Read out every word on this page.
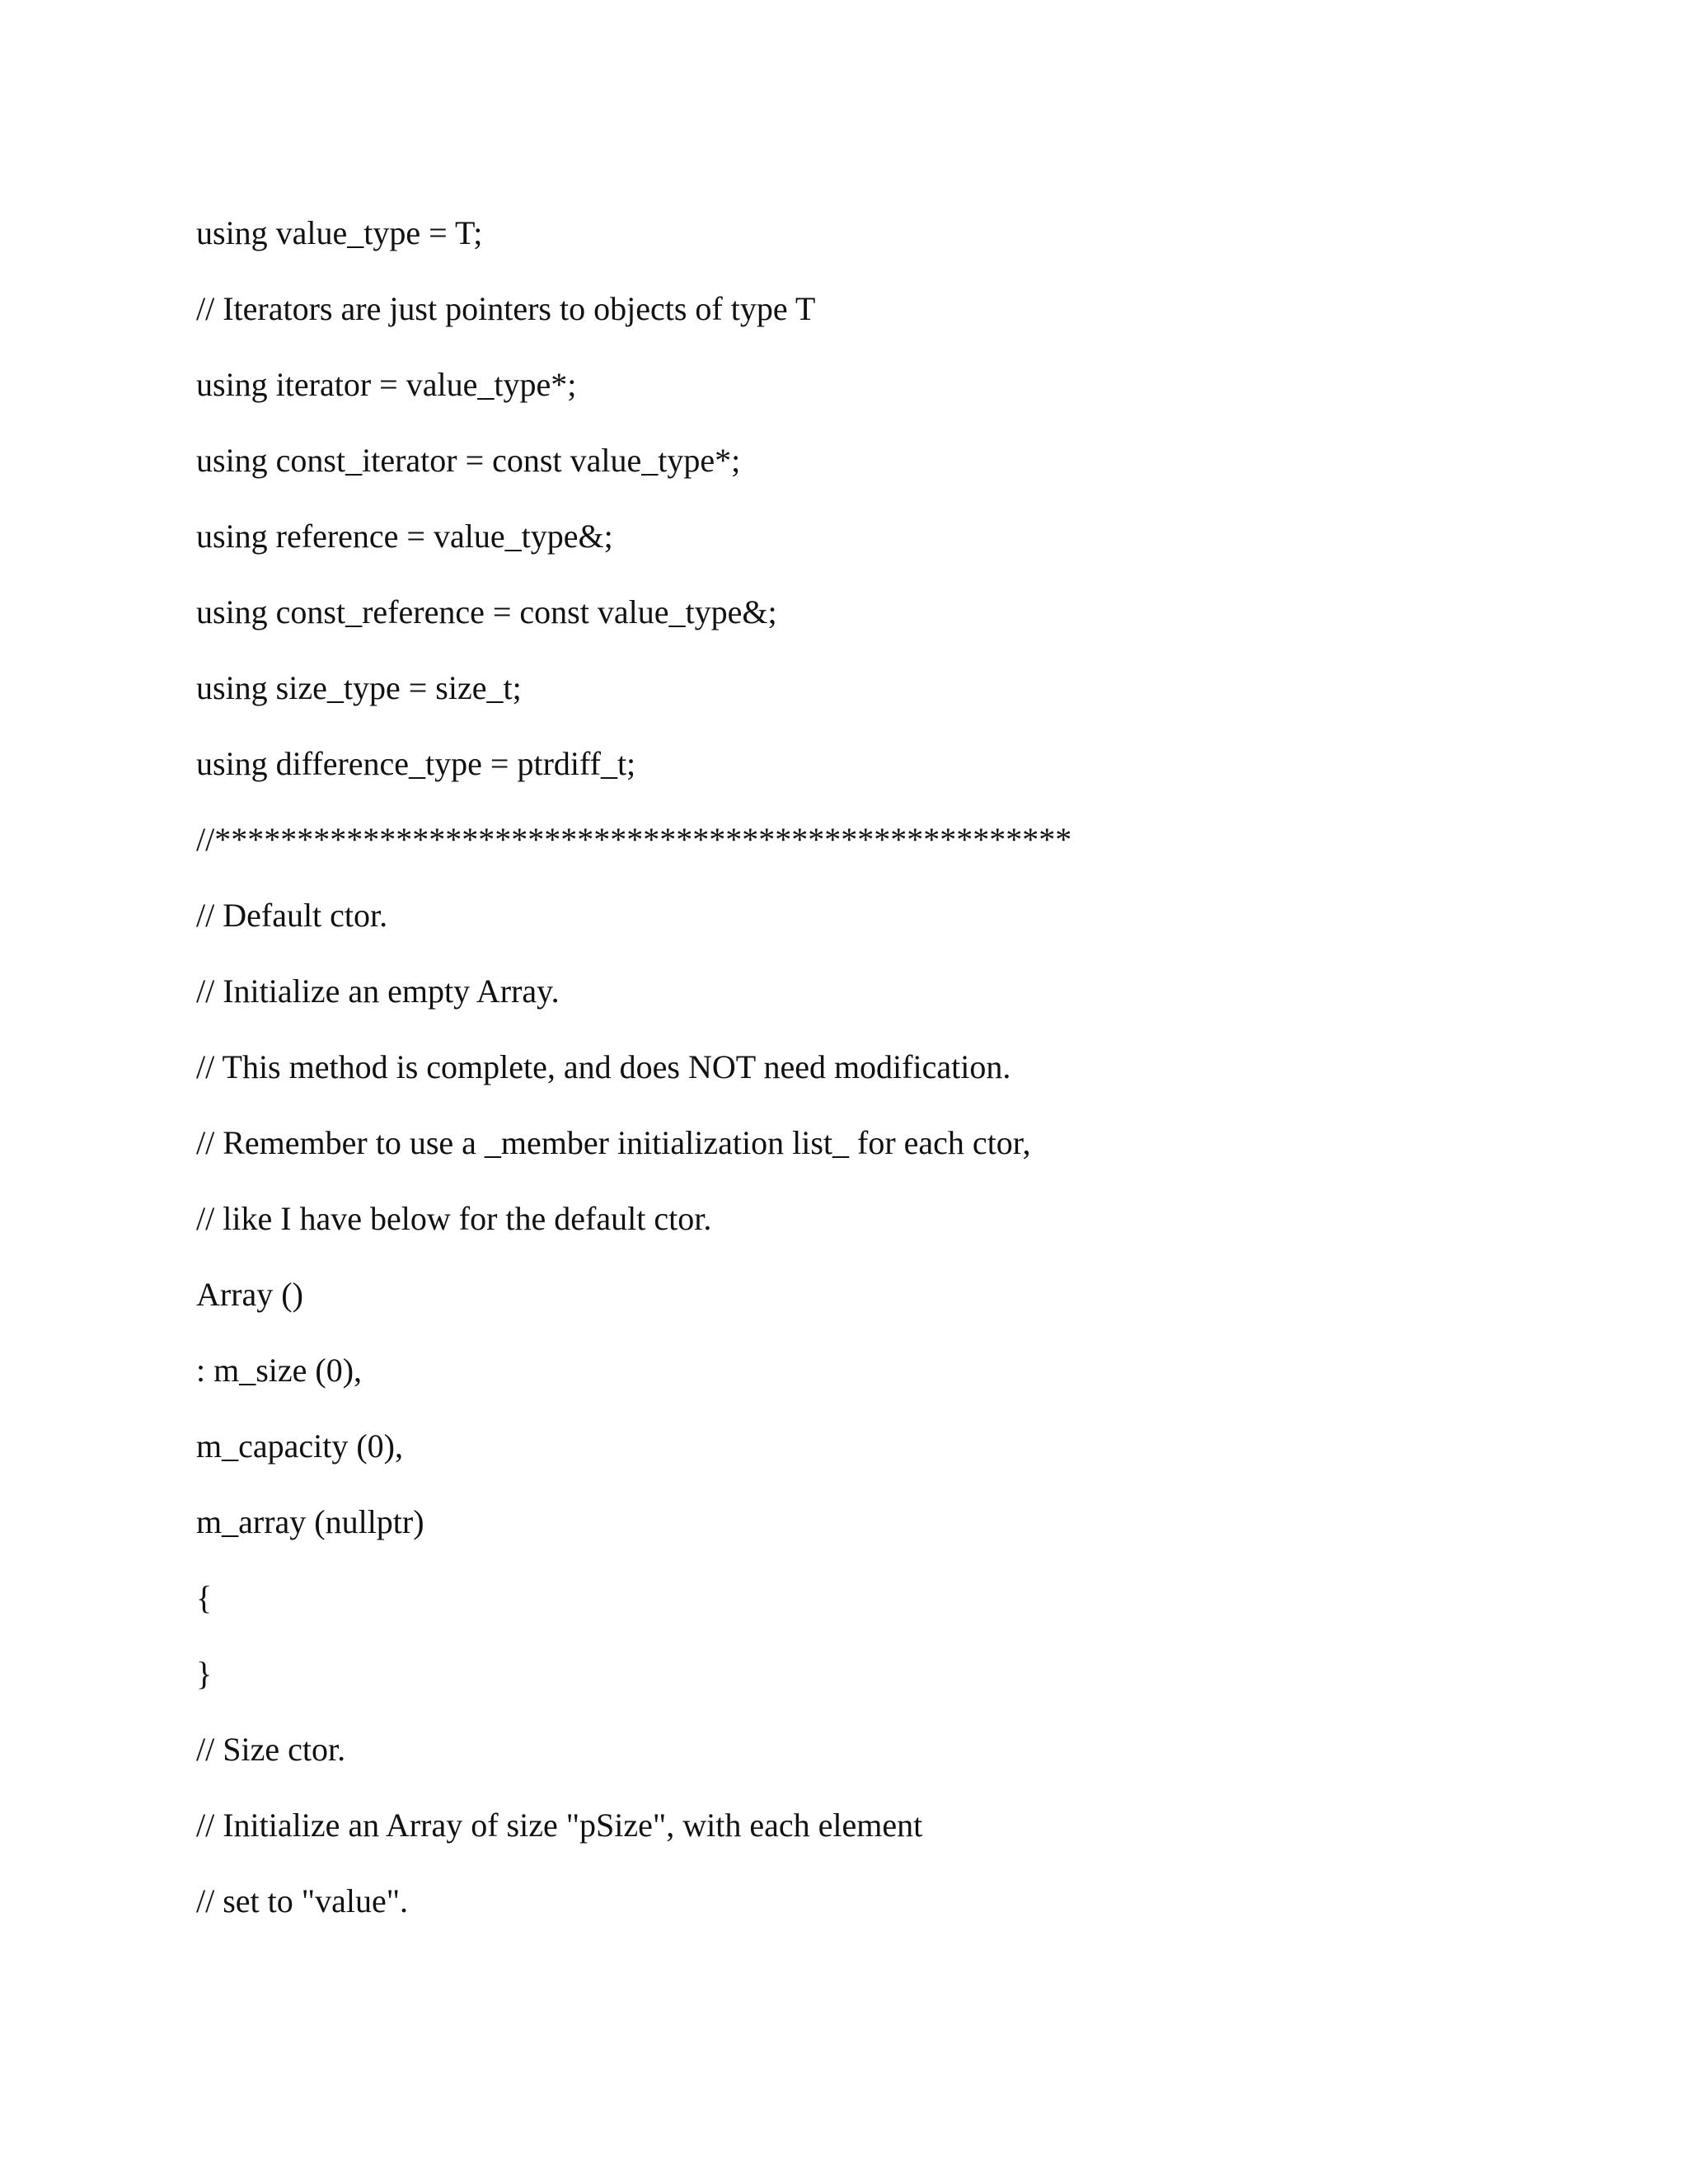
using value_type = T;
// Iterators are just pointers to objects of type T
using iterator = value_type*;
using const_iterator = const value_type*;
using reference = value_type&;
using const_reference = const value_type&;
using size_type = size_t;
using difference_type = ptrdiff_t;
//****************************************************
// Default ctor.
// Initialize an empty Array.
// This method is complete, and does NOT need modification.
// Remember to use a _member initialization list_ for each ctor,
// like I have below for the default ctor.
Array ()
: m_size (0),
m_capacity (0),
m_array (nullptr)
{
}
// Size ctor.
// Initialize an Array of size "pSize", with each element
// set to "value".
